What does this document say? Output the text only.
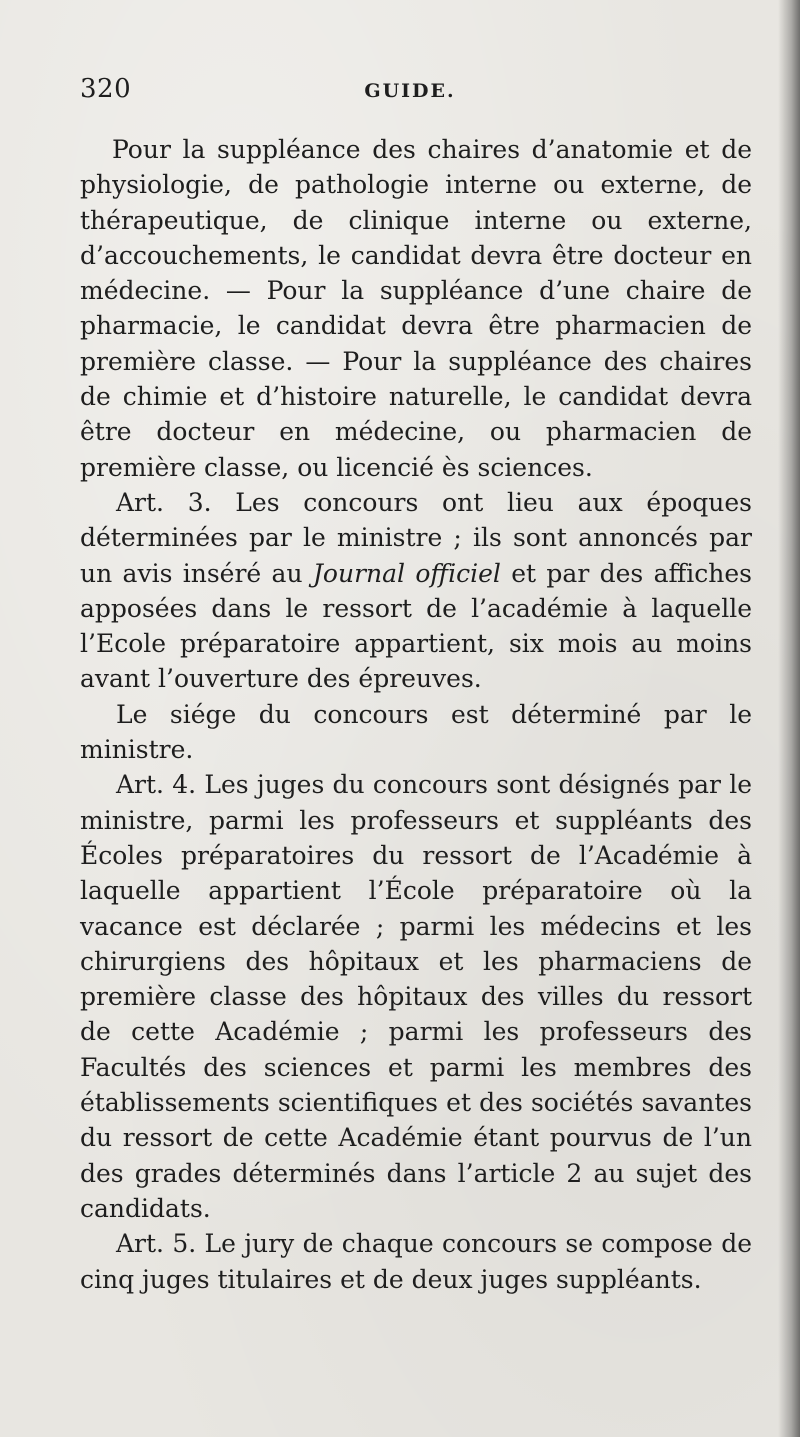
320	GUIDE.

Pour la suppléance des chaires d’anatomie et de physiologie, de pathologie interne ou externe, de thérapeutique, de clinique interne ou externe, d’accouchements, le candidat devra être docteur en médecine. — Pour la suppléance d’une chaire de pharmacie, le candidat devra être pharmacien de première classe. — Pour la suppléance des chaires de chimie et d’histoire naturelle, le candidat devra être docteur en médecine, ou pharmacien de première classe, ou licencié ès sciences.

Art. 3. Les concours ont lieu aux époques déterminées par le ministre ; ils sont annoncés par un avis inséré au Journal officiel et par des affiches apposées dans le ressort de l’académie à laquelle l’Ecole préparatoire appartient, six mois au moins avant l’ouverture des épreuves.

Le siége du concours est déterminé par le ministre.

Art. 4. Les juges du concours sont désignés par le ministre, parmi les professeurs et suppléants des Écoles préparatoires du ressort de l’Académie à laquelle appartient l’École préparatoire où la vacance est déclarée ; parmi les médecins et les chirurgiens des hôpitaux et les pharmaciens de première classe des hôpitaux des villes du ressort de cette Académie ; parmi les professeurs des Facultés des sciences et parmi les membres des établissements scientifiques et des sociétés savantes du ressort de cette Académie étant pourvus de l’un des grades déterminés dans l’article 2 au sujet des candidats.

Art. 5. Le jury de chaque concours se compose de cinq juges titulaires et de deux juges suppléants.
